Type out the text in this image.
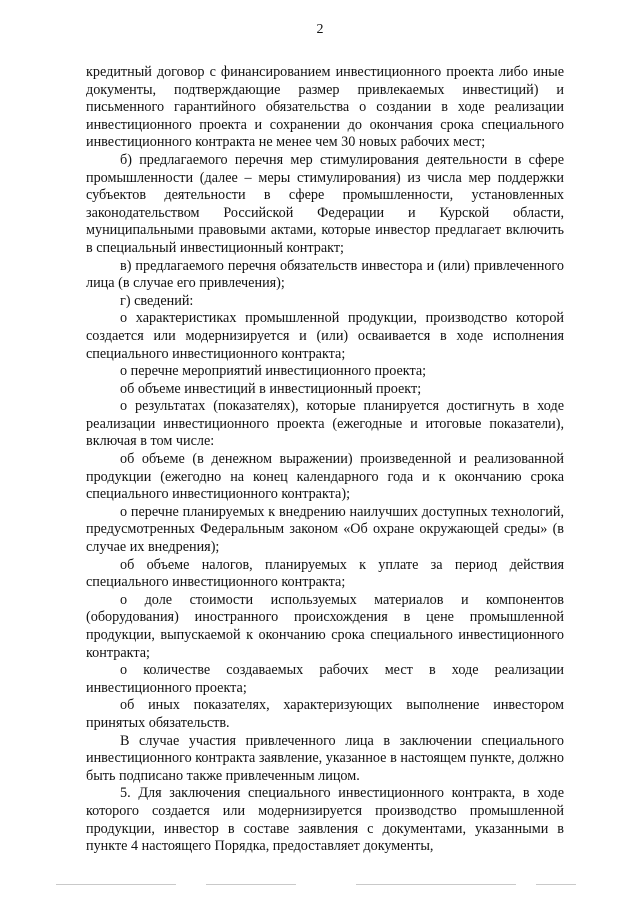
2

кредитный договор с финансированием инвестиционного проекта либо иные документы, подтверждающие размер привлекаемых инвестиций) и письменного гарантийного обязательства о создании в ходе реализации инвестиционного проекта и сохранении до окончания срока специального инвестиционного контракта не менее чем 30 новых рабочих мест;

б) предлагаемого перечня мер стимулирования деятельности в сфере промышленности (далее – меры стимулирования) из числа мер поддержки субъектов деятельности в сфере промышленности, установленных законодательством Российской Федерации и Курской области, муниципальными правовыми актами, которые инвестор предлагает включить в специальный инвестиционный контракт;

в) предлагаемого перечня обязательств инвестора и (или) привлеченного лица (в случае его привлечения);

г) сведений:

о характеристиках промышленной продукции, производство которой создается или модернизируется и (или) осваивается в ходе исполнения специального инвестиционного контракта;

о перечне мероприятий инвестиционного проекта;

об объеме инвестиций в инвестиционный проект;

о результатах (показателях), которые планируется достигнуть в ходе реализации инвестиционного проекта (ежегодные и итоговые показатели), включая в том числе:

об объеме (в денежном выражении) произведенной и реализованной продукции (ежегодно на конец календарного года и к окончанию срока специального инвестиционного контракта);

о перечне планируемых к внедрению наилучших доступных технологий, предусмотренных Федеральным законом «Об охране окружающей среды» (в случае их внедрения);

об объеме налогов, планируемых к уплате за период действия специального инвестиционного контракта;

о доле стоимости используемых материалов и компонентов (оборудования) иностранного происхождения в цене промышленной продукции, выпускаемой к окончанию срока специального инвестиционного контракта;

о количестве создаваемых рабочих мест в ходе реализации инвестиционного проекта;

об иных показателях, характеризующих выполнение инвестором принятых обязательств.

В случае участия привлеченного лица в заключении специального инвестиционного контракта заявление, указанное в настоящем пункте, должно быть подписано также привлеченным лицом.

5. Для заключения специального инвестиционного контракта, в ходе которого создается или модернизируется производство промышленной продукции, инвестор в составе заявления с документами, указанными в пункте 4 настоящего Порядка, предоставляет документы,
